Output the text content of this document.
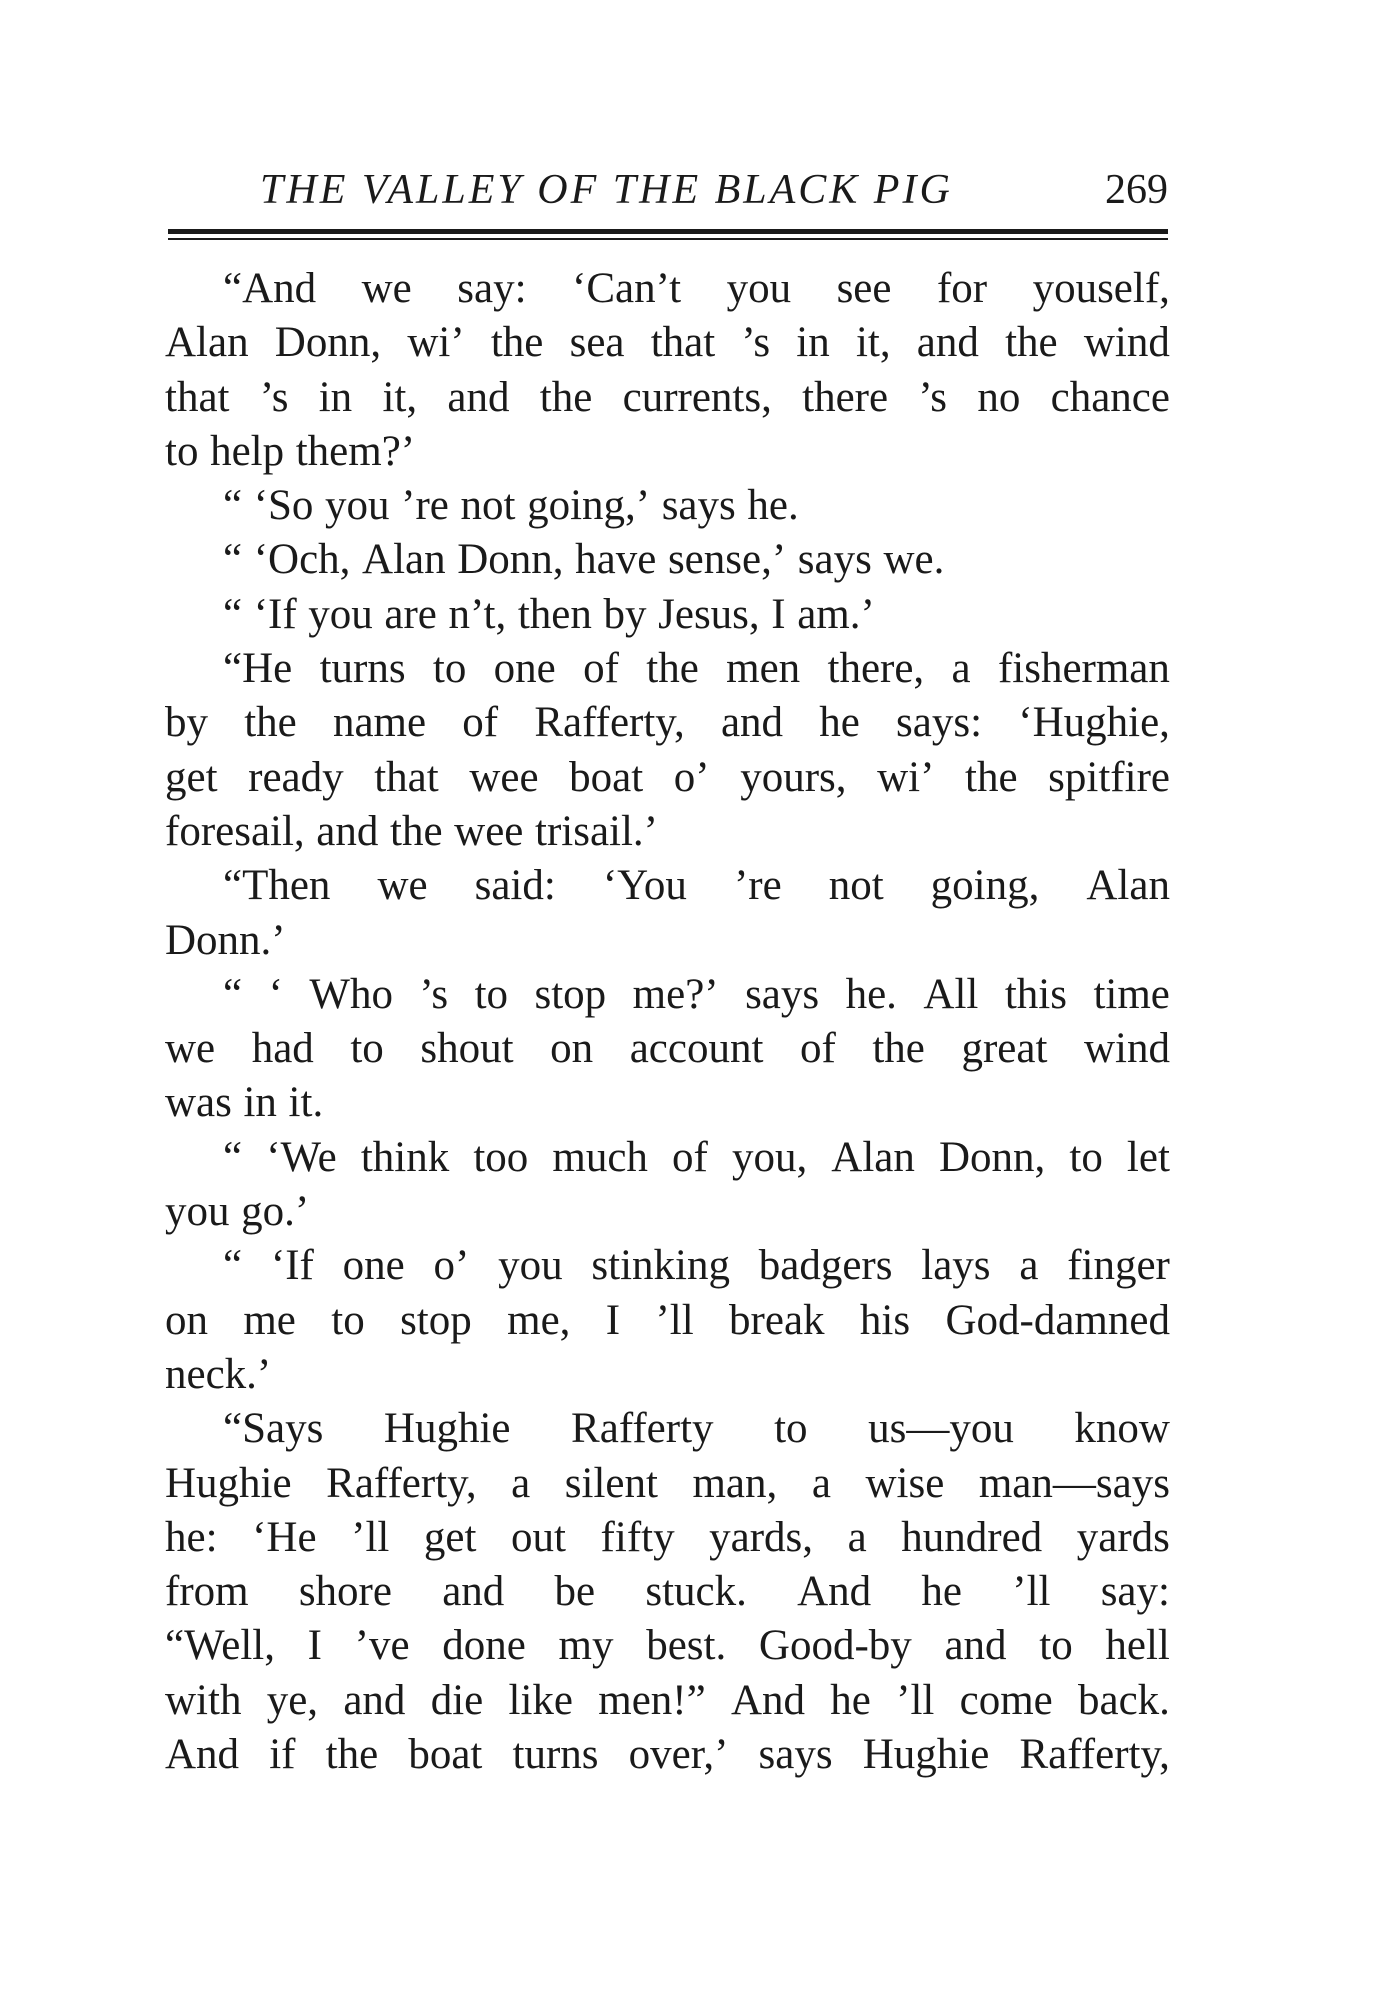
THE VALLEY OF THE BLACK PIG	269
“And we say: ‘Can’t you see for youself,
Alan Donn, wi’ the sea that ’s in it, and the wind
that ’s in it, and the currents, there ’s no chance
to help them?’
“ ‘So you ’re not going,’ says he.
“ ‘Och, Alan Donn, have sense,’ says we.
“ ‘If you are n’t, then by Jesus, I am.’
“He turns to one of the men there, a fisherman
by the name of Rafferty, and he says: ‘Hughie,
get ready that wee boat o’ yours, wi’ the spitfire
foresail, and the wee trisail.’
“Then we said: ‘You ’re not going, Alan
Donn.’
“ ‘ Who ’s to stop me?’ says he. All this time
we had to shout on account of the great wind
was in it.
“ ‘We think too much of you, Alan Donn, to let
you go.’
“ ‘If one o’ you stinking badgers lays a finger
on me to stop me, I ’ll break his God-damned
neck.’
“Says Hughie Rafferty to us—you know
Hughie Rafferty, a silent man, a wise man—says
he: ‘He ’ll get out fifty yards, a hundred yards
from shore and be stuck. And he ’ll say:
“Well, I ’ve done my best. Good-by and to hell
with ye, and die like men!” And he ’ll come back.
And if the boat turns over,’ says Hughie Rafferty,
